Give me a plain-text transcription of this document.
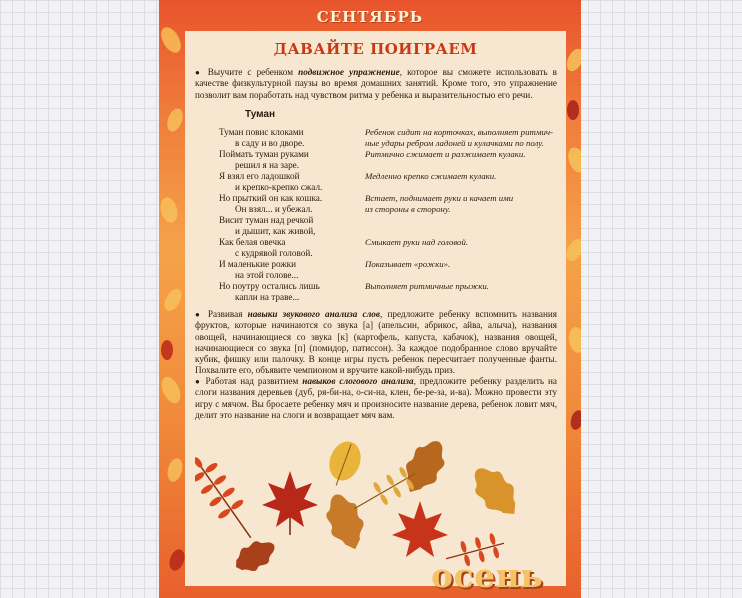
СЕНТЯБРЬ
ДАВАЙТЕ ПОИГРАЕМ
● Выучите с ребенком подвижное упражнение, которое вы сможете использовать в качестве физкультурной паузы во время домашних занятий. Кроме того, это упражнение позволит вам поработать над чувством ритма у ребенка и выразительностью его речи.
Туман
Туман повис клоками
в саду и во дворе.
Поймать туман руками
решил я на заре.
Я взял его ладошкой
и крепко-крепко сжал.
Но прыткий он как кошка.
Он взял... и убежал.
Висит туман над речкой
и дышит, как живой,
Как белая овечка
с кудрявой головой.
И маленькие рожки
на этой голове...
Но поутру остались лишь
капли на траве...
Ребенок сидит на корточках, выполняет ритмич-
ные удары ребром ладоней и кулачками по полу.
Ритмично сжимает и разжимает кулаки.
Медленно крепко сжимает кулаки.
Встает, поднимает руки и качает ими
из стороны в сторону.
Смыкает руки над головой.
Показывает «рожки».
Выполняет ритмичные прыжки.
● Развивая навыки звукового анализа слов, предложите ребенку вспомнить названия фруктов, которые начинаются со звука [а] (апельсин, абрикос, айва, алыча), названия овощей, начинающиеся со звука [к] (картофель, капуста, кабачок), названия овощей, начинающиеся со звука [п] (помидор, патиссон). За каждое подобранное слово вручайте кубик, фишку или палочку. В конце игры пусть ребенок пересчитает полученные фанты. Похвалите его, объявите чемпионом и вручите какой-нибудь приз.
● Работая над развитием навыков слогового анализа, предложите ребенку разделить на слоги названия деревьев (дуб, ря-би-на, о-си-на, клен, бе-ре-за, и-ва). Можно провести эту игру с мячом. Вы бросаете ребенку мяч и произносите название дерева, ребенок ловит мяч, делит это название на слоги и возвращает мяч вам.
осень
